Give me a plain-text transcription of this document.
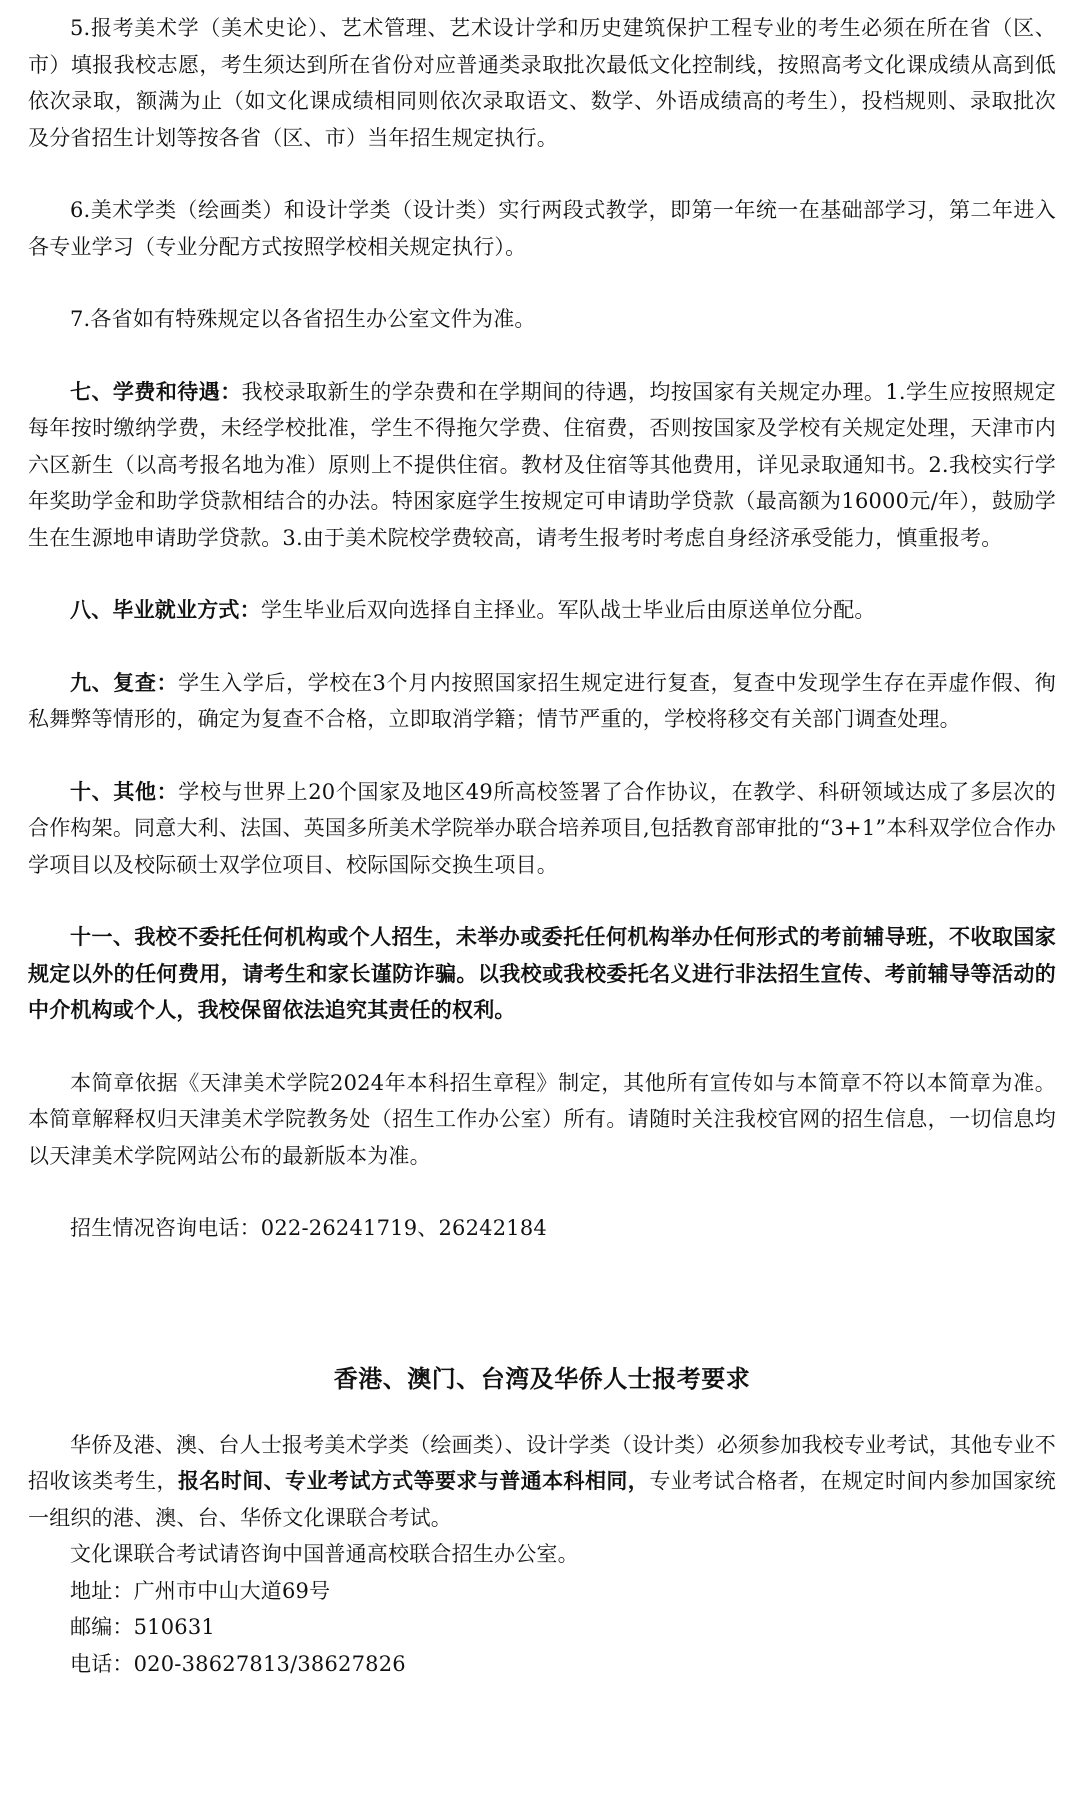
5.报考美术学（美术史论）、艺术管理、艺术设计学和历史建筑保护工程专业的考生必须在所在省（区、市）填报我校志愿，考生须达到所在省份对应普通类录取批次最低文化控制线，按照高考文化课成绩从高到低依次录取，额满为止（如文化课成绩相同则依次录取语文、数学、外语成绩高的考生），投档规则、录取批次及分省招生计划等按各省（区、市）当年招生规定执行。

6.美术学类（绘画类）和设计学类（设计类）实行两段式教学，即第一年统一在基础部学习，第二年进入各专业学习（专业分配方式按照学校相关规定执行）。

7.各省如有特殊规定以各省招生办公室文件为准。

七、学费和待遇：我校录取新生的学杂费和在学期间的待遇，均按国家有关规定办理。1.学生应按照规定每年按时缴纳学费，未经学校批准，学生不得拖欠学费、住宿费，否则按国家及学校有关规定处理，天津市内六区新生（以高考报名地为准）原则上不提供住宿。教材及住宿等其他费用，详见录取通知书。2.我校实行学年奖助学金和助学贷款相结合的办法。特困家庭学生按规定可申请助学贷款（最高额为16000元/年），鼓励学生在生源地申请助学贷款。3.由于美术院校学费较高，请考生报考时考虑自身经济承受能力，慎重报考。

八、毕业就业方式：学生毕业后双向选择自主择业。军队战士毕业后由原送单位分配。

九、复查：学生入学后，学校在3个月内按照国家招生规定进行复查，复查中发现学生存在弄虚作假、徇私舞弊等情形的，确定为复查不合格，立即取消学籍；情节严重的，学校将移交有关部门调查处理。

十、其他：学校与世界上20个国家及地区49所高校签署了合作协议，在教学、科研领域达成了多层次的合作构架。同意大利、法国、英国多所美术学院举办联合培养项目,包括教育部审批的“3+1”本科双学位合作办学项目以及校际硕士双学位项目、校际国际交换生项目。

十一、我校不委托任何机构或个人招生，未举办或委托任何机构举办任何形式的考前辅导班，不收取国家规定以外的任何费用，请考生和家长谨防诈骗。以我校或我校委托名义进行非法招生宣传、考前辅导等活动的中介机构或个人，我校保留依法追究其责任的权利。

本简章依据《天津美术学院2024年本科招生章程》制定，其他所有宣传如与本简章不符以本简章为准。本简章解释权归天津美术学院教务处（招生工作办公室）所有。请随时关注我校官网的招生信息，一切信息均以天津美术学院网站公布的最新版本为准。

招生情况咨询电话：022-26241719、26242184

香港、澳门、台湾及华侨人士报考要求

华侨及港、澳、台人士报考美术学类（绘画类）、设计学类（设计类）必须参加我校专业考试，其他专业不招收该类考生，报名时间、专业考试方式等要求与普通本科相同，专业考试合格者，在规定时间内参加国家统一组织的港、澳、台、华侨文化课联合考试。

文化课联合考试请咨询中国普通高校联合招生办公室。

地址：广州市中山大道69号

邮编：510631

电话：020-38627813/38627826
